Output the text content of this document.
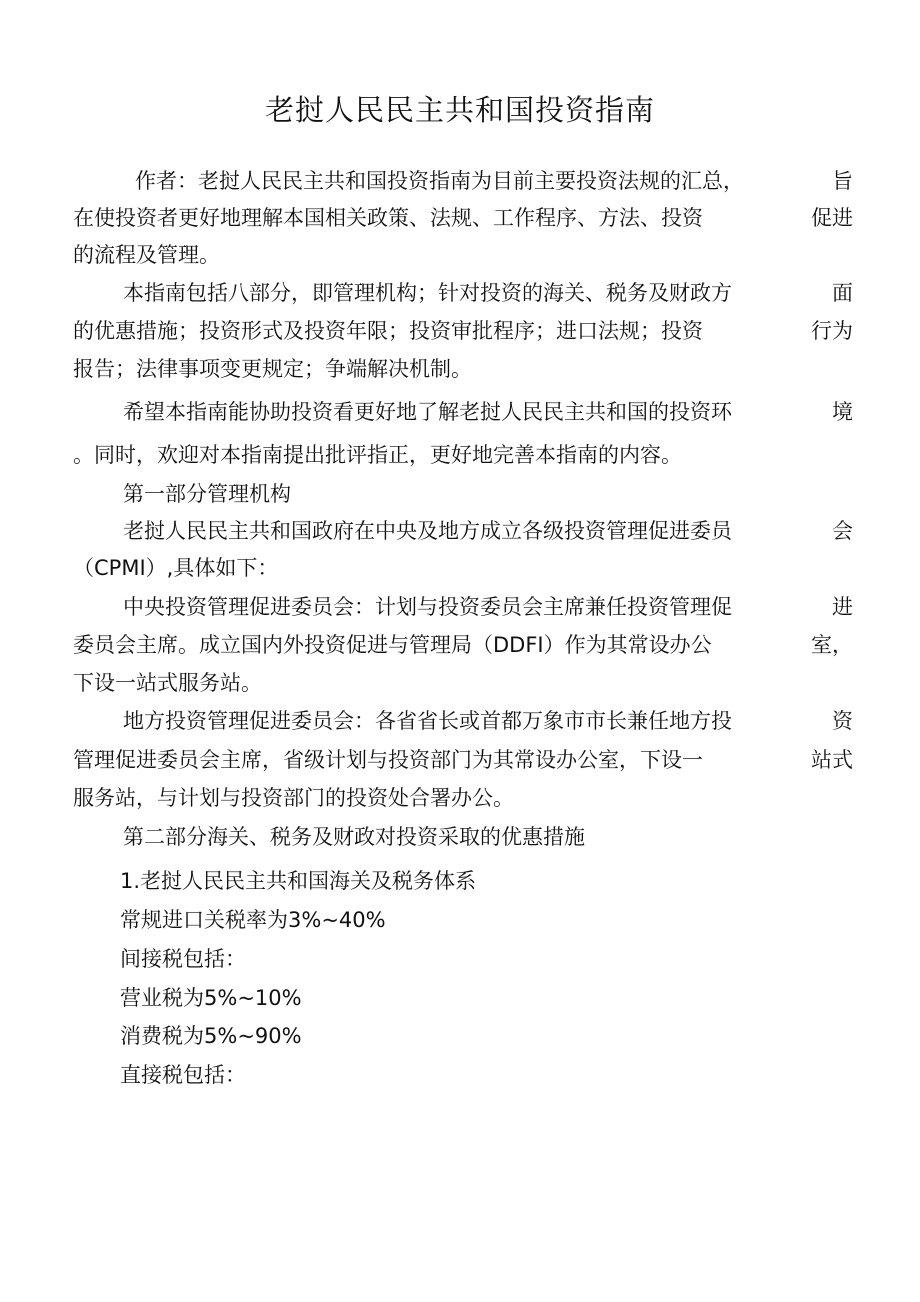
老挝人民民主共和国投资指南
作者：老挝人民民主共和国投资指南为目前主要投资法规的汇总，	旨
在使投资者更好地理解本国相关政策、法规、工作程序、方法、投资	促进
的流程及管理。
本指南包括八部分，即管理机构；针对投资的海关、税务及财政方	面
的优惠措施；投资形式及投资年限；投资审批程序；进口法规；投资	行为
报告；法律事项变更规定；争端解决机制。
希望本指南能协助投资看更好地了解老挝人民民主共和国的投资环	境
。同时，欢迎对本指南提出批评指正，更好地完善本指南的内容。
第一部分管理机构
老挝人民民主共和国政府在中央及地方成立各级投资管理促进委员	会
（CPMI）,具体如下：
中央投资管理促进委员会：计划与投资委员会主席兼任投资管理促	进
委员会主席。成立国内外投资促进与管理局（DDFI）作为其常设办公	室，
下设一站式服务站。
地方投资管理促进委员会：各省省长或首都万象市市长兼任地方投	资
管理促进委员会主席，省级计划与投资部门为其常设办公室，下设一	站式
服务站，与计划与投资部门的投资处合署办公。
第二部分海关、税务及财政对投资采取的优惠措施
1.老挝人民民主共和国海关及税务体系
常规进口关税率为3%~40%
间接税包括：
营业税为5%~10%
消费税为5%~90%
直接税包括：
